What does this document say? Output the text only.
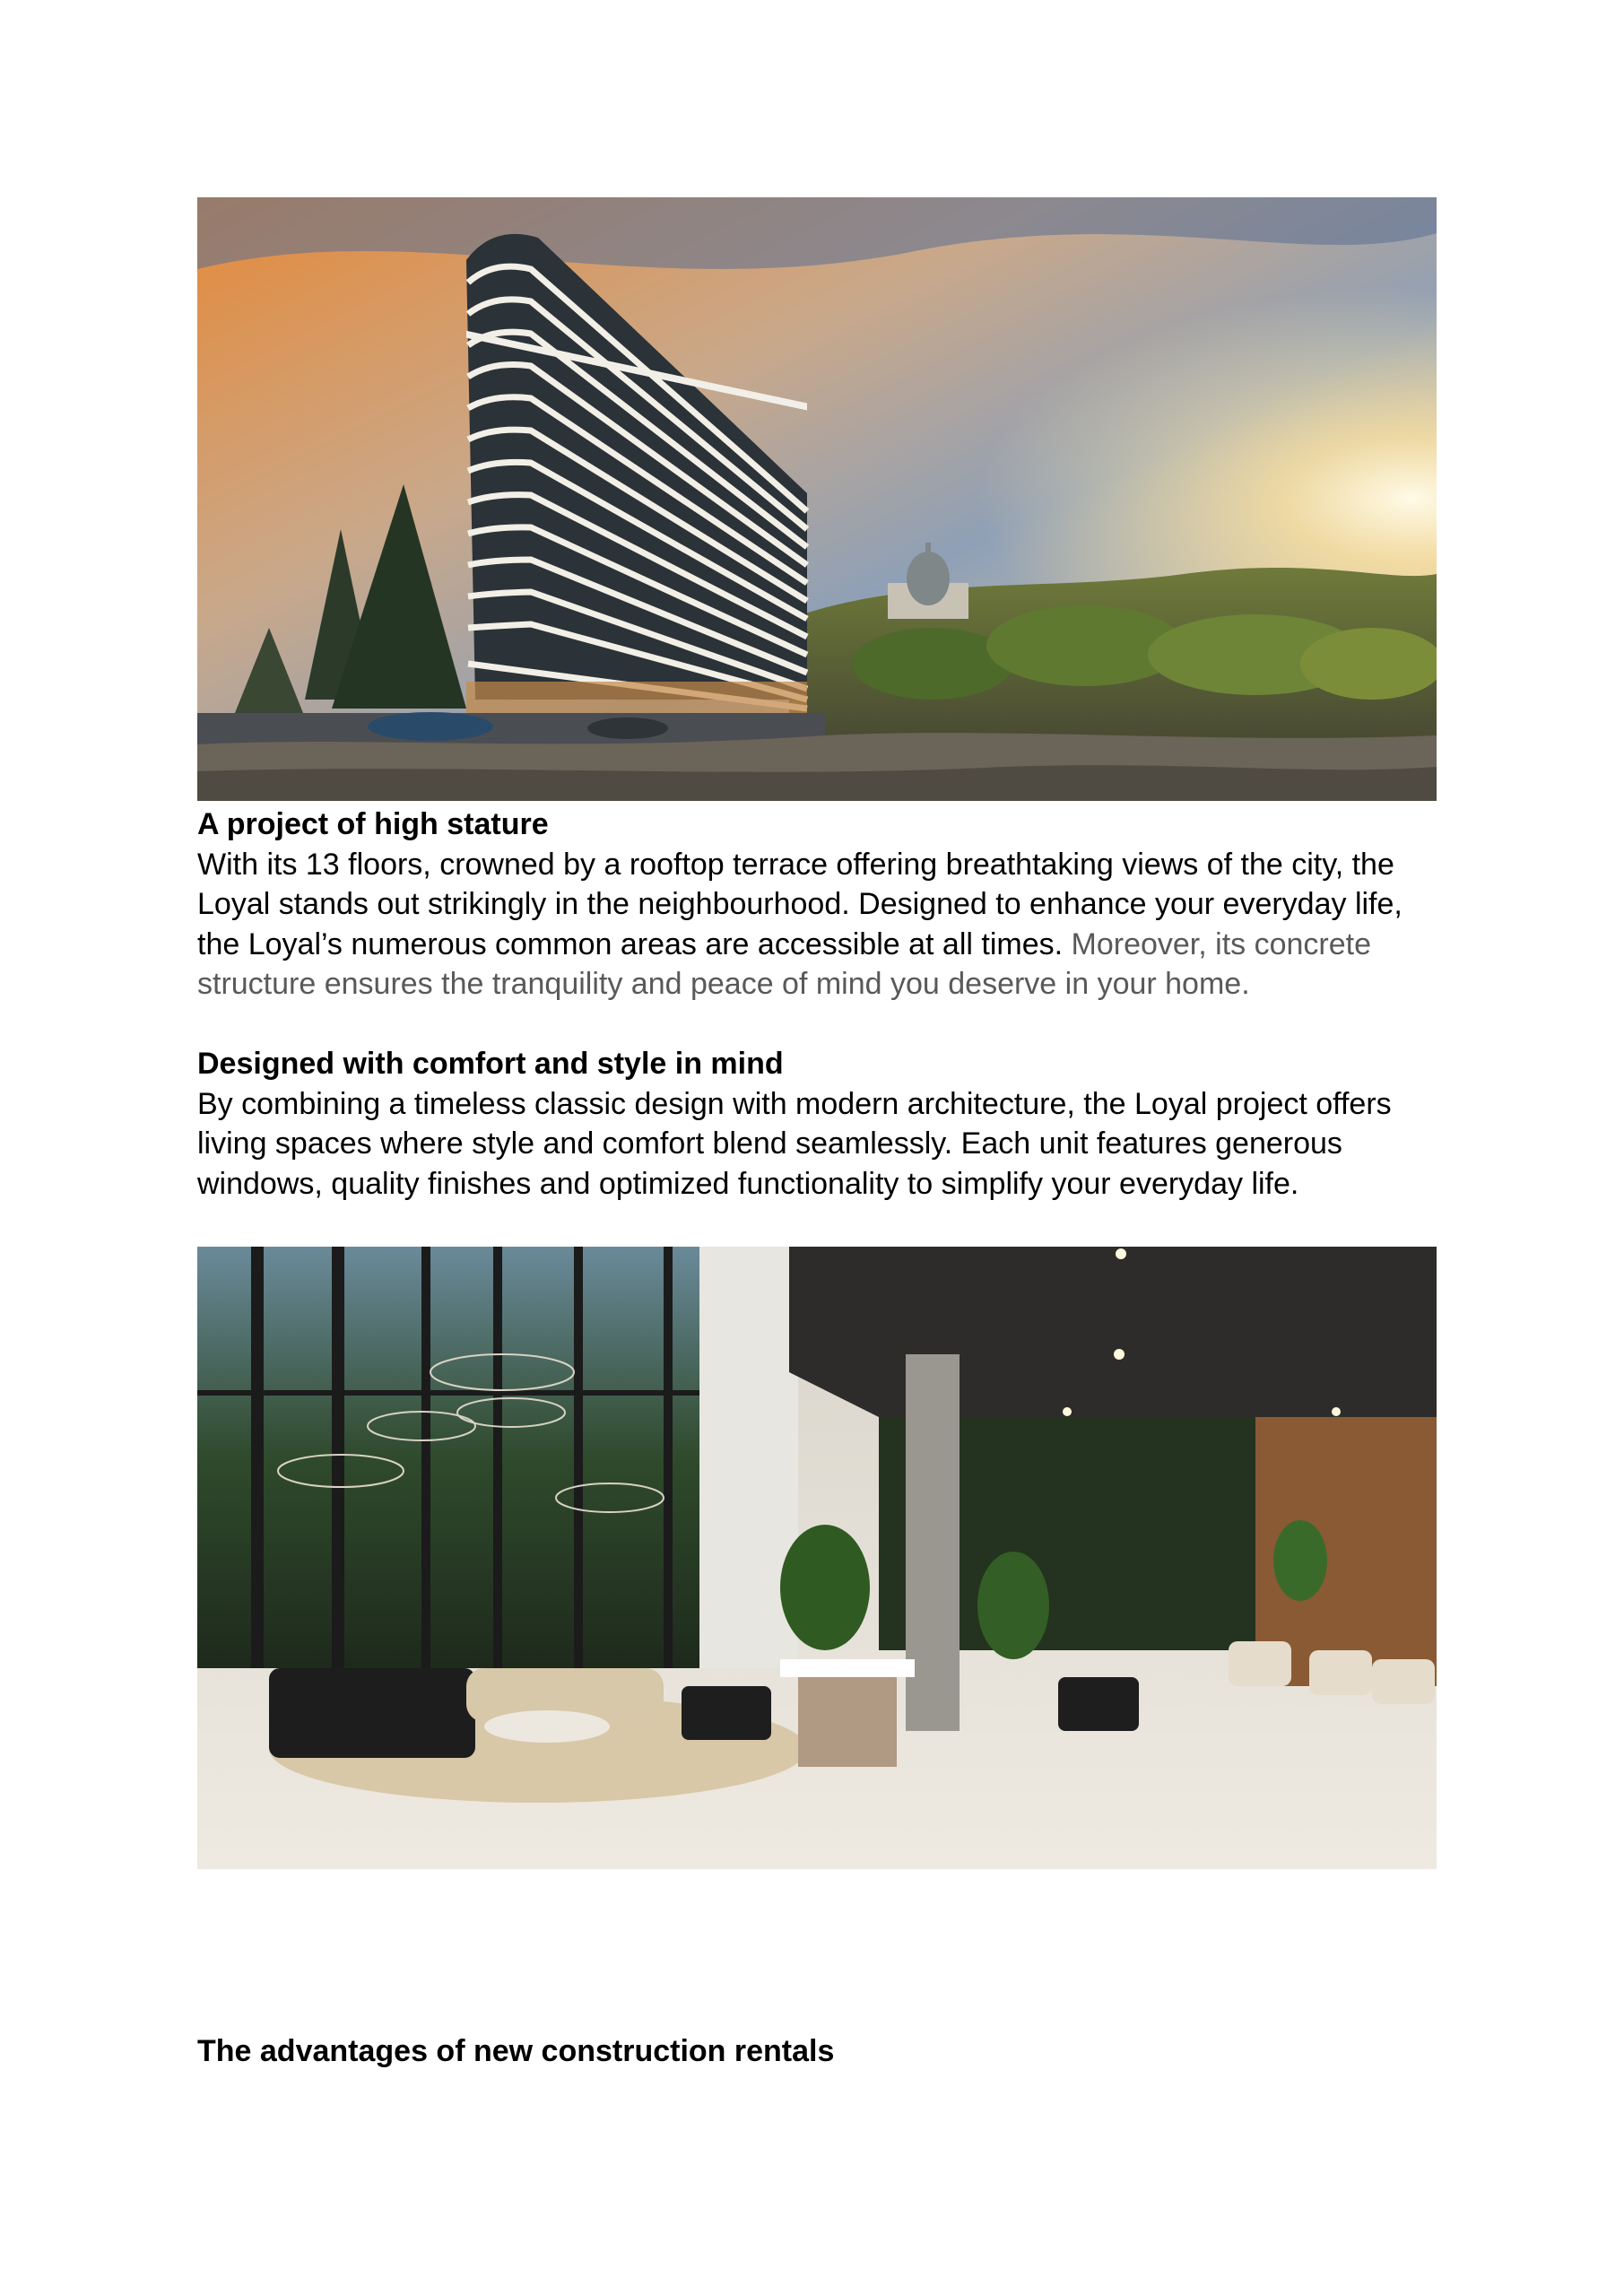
A project of high stature

With its 13 floors, crowned by a rooftop terrace offering breathtaking views of the city, the Loyal stands out strikingly in the neighbourhood. Designed to enhance your everyday life, the Loyal’s numerous common areas are accessible at all times. Moreover, its concrete structure ensures the tranquility and peace of mind you deserve in your home.

Designed with comfort and style in mind

By combining a timeless classic design with modern architecture, the Loyal project offers living spaces where style and comfort blend seamlessly. Each unit features generous windows, quality finishes and optimized functionality to simplify your everyday life.

The advantages of new construction rentals
